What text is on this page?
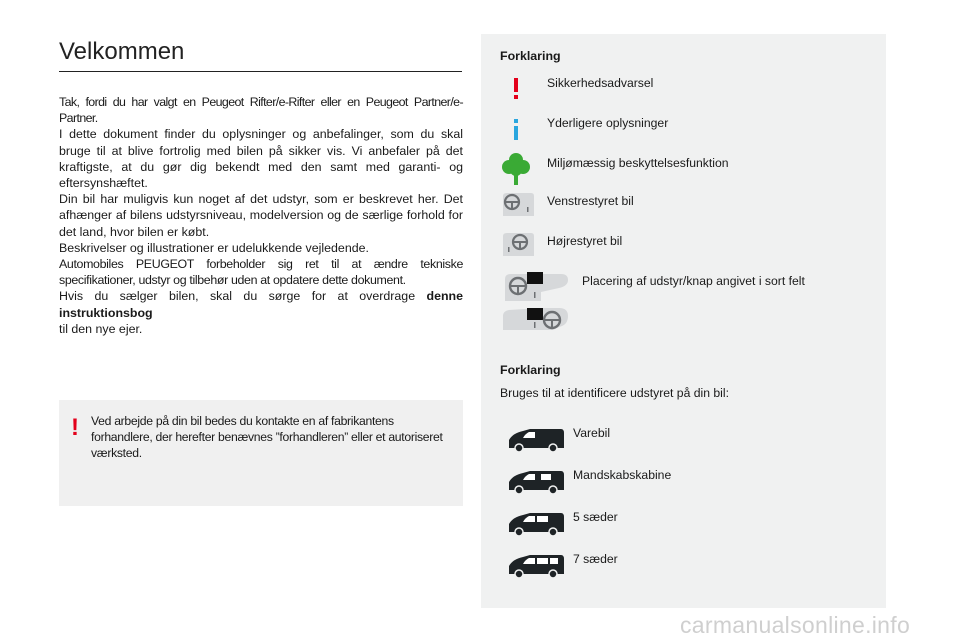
Velkommen

Tak, fordi du har valgt en Peugeot Rifter/e-Rifter eller en Peugeot Partner/e-Partner.

I dette dokument finder du oplysninger og anbefalinger, som du skal bruge til at blive fortrolig med bilen på sikker vis. Vi anbefaler på det kraftigste, at du gør dig bekendt med den samt med garanti- og eftersynshæftet.

Din bil har muligvis kun noget af det udstyr, som er beskrevet her. Det afhænger af bilens udstyrsniveau, modelversion og de særlige forhold for det land, hvor bilen er købt.

Beskrivelser og illustrationer er udelukkende vejledende.

Automobiles PEUGEOT forbeholder sig ret til at ændre tekniske specifikationer, udstyr og tilbehør uden at opdatere dette dokument.

Hvis du sælger bilen, skal du sørge for at overdrage denne instruktionsbog
til den nye ejer.

! Ved arbejde på din bil bedes du kontakte en af fabrikantens forhandlere, der herefter benævnes ”forhandleren” eller et autoriseret værksted.
Forklaring
Sikkerhedsadvarsel
Yderligere oplysninger
Miljømæssig beskyttelsesfunktion
Venstrestyret bil
Højrestyret bil
Placering af udstyr/knap angivet i sort felt
Forklaring
Bruges til at identificere udstyret på din bil:
Varebil
Mandskabskabine
5 sæder
7 sæder
carmanualsonline.info
